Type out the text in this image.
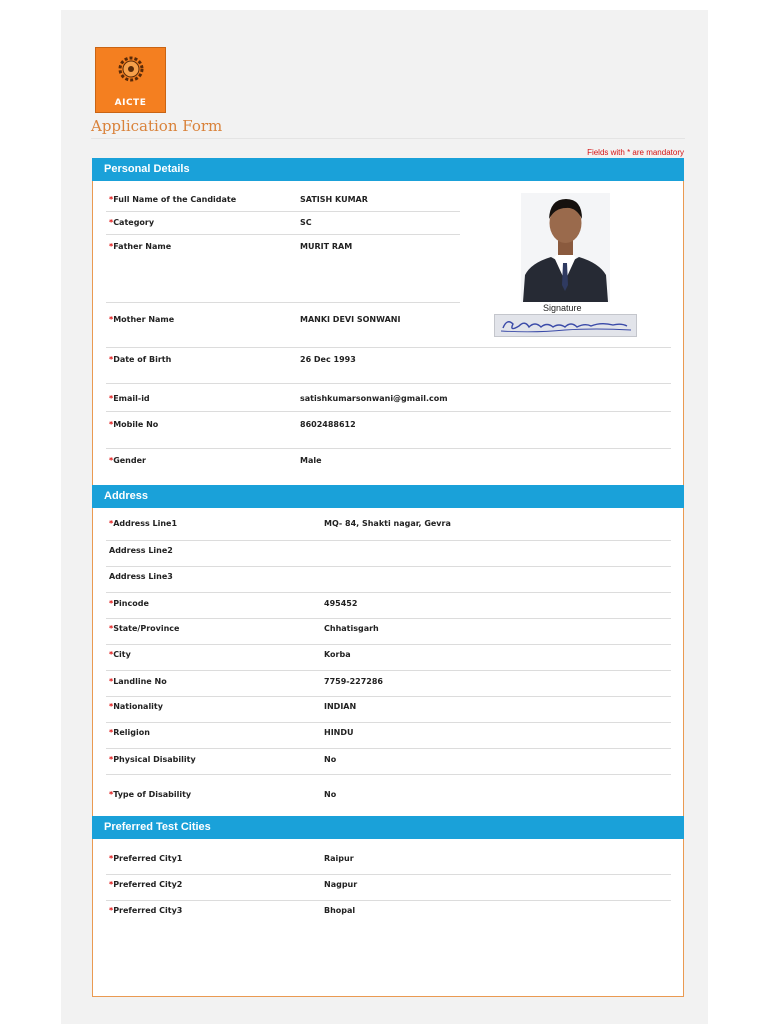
AICTE
Application Form
Fields with * are mandatory
Personal Details
*Full Name of the Candidate	SATISH KUMAR
*Category	SC
*Father Name	MURIT RAM
Signature
*Mother Name	MANKI DEVI SONWANI
*Date of Birth	26 Dec 1993
*Email-id	satishkumarsonwani@gmail.com
*Mobile No	8602488612
*Gender	Male
Address
*Address Line1	MQ- 84, Shakti nagar, Gevra
Address Line2
Address Line3
*Pincode	495452
*State/Province	Chhatisgarh
*City	Korba
*Landline No	7759-227286
*Nationality	INDIAN
*Religion	HINDU
*Physical Disability	No
*Type of Disability	No
Preferred Test Cities
*Preferred City1	Raipur
*Preferred City2	Nagpur
*Preferred City3	Bhopal
